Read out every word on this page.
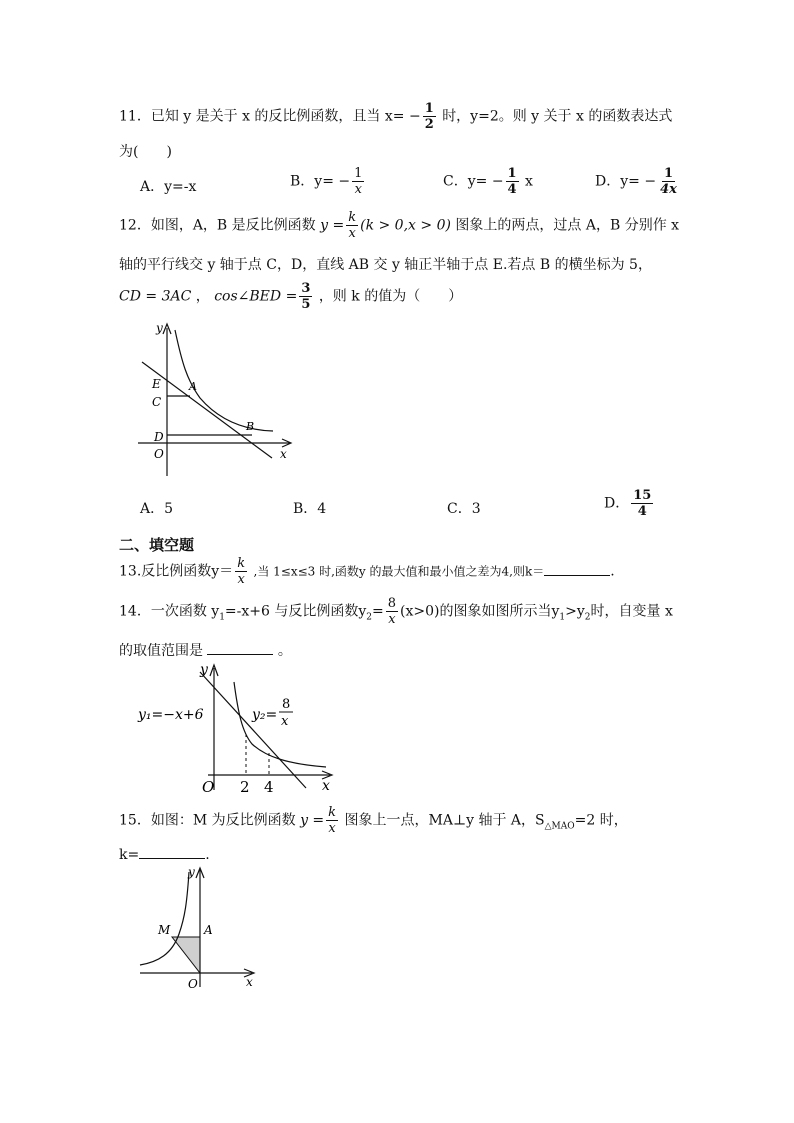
11．已知 y 是关于 x 的反比例函数，且当 $x= - \frac{1}{2}$ 时，y=2。则 y 关于 x 的函数表达式
为(　　)
A．y=-x	B．$y= - \frac{1}{x}$	C．$y= - \frac{1}{4}$ x	D．$y= - \frac{1}{4x}$
12．如图，A，B 是反比例函数 $y = \frac{k}{x} (k > 0,x > 0)$ 图象上的两点，过点 A，B 分别作 x
轴的平行线交 y 轴于点 C，D，直线 AB 交 y 轴正半轴于点 E.若点 B 的横坐标为 5，
CD = 3AC ， cos∠BED = $\frac{3}{5}$ ，则 k 的值为（　　）
y
x
E	A
C
B
D
O
A．5	B．4	C．3	D． $\frac{15}{4}$
二、填空题
13.反比例函数$y= \frac{k}{x}$ ,当 1≤x≤3 时,函数y 的最大值和最小值之差为4,则k＝	.
14．一次函数 $y_1=-x+6$ 与反比例函数$y_2= \frac{8}{x} (x>0)$的图象如图所示当$y_1>y_2$时，自变量 x
的取值范围是	。
y
x
O 2 4
y₁=−x+6	y₂=
8
x
15．如图：M 为反比例函数 $y = \frac{k}{x}$ 图象上一点，MA⊥y 轴于 A，$S_{\triangle MAO}=2$ 时，
k=	.
y
x
M	A
O
